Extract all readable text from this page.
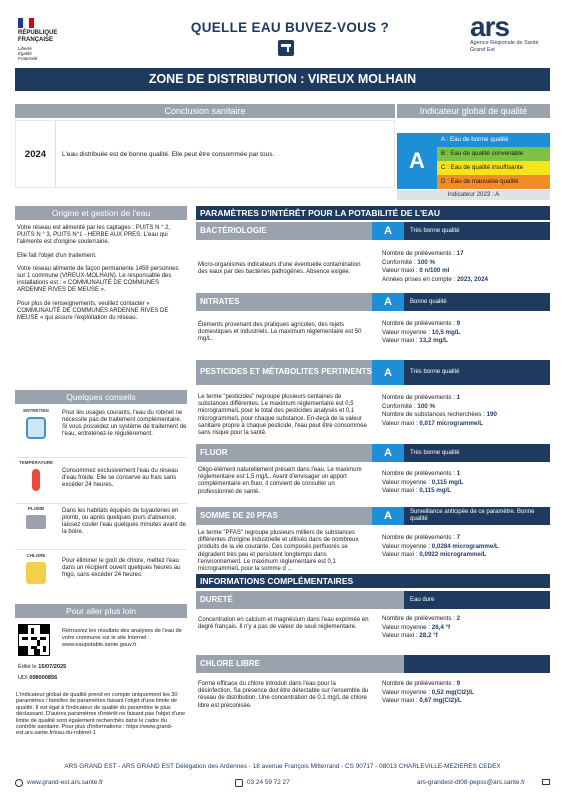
RÉPUBLIQUE
FRANÇAISE
Liberté
Égalité
Fraternité
QUELLE EAU BUVEZ-VOUS ?	ars
Agence Régionale de Santé
Grand Est
ZONE DE DISTRIBUTION : VIREUX MOLHAIN
Conclusion sanitaire	Indicateur global de qualité
2024	L'eau distribuée est de bonne qualité. Elle peut être consommée par tous.	A
A : Eau de bonne qualité
B : Eau de qualité convenable
C : Eau de qualité insuffisante
Indicateur 2023 : A
Origine et gestion de l'eau

Votre réseau est alimenté par les captages : PUITS N ° 2, PUITS N ° 3, PUITS N°1 - HERBE AUX PRES. L'eau qui l'alimente est d'origine souterraine.

Elle fait l'objet d'un traitement.

Votre réseau alimente de façon permanente 1459 personnes sur 1 commune (VIREUX-MOLHAIN). Le responsable des installations est : « COMMUNAUTÉ DE COMMUNES ARDENNE RIVES DE MEUSE ».

Pour plus de renseignements, veuillez contacter « COMMUNAUTÉ DE COMMUNES ARDENNE RIVES DE MEUSE » qui assure l'exploitation du réseau.

Quelques conseils
ENTRETIEN	Pour les usages courants, l'eau du robinet ne nécessite pas de traitement complémentaire. Si vous possédez un système de traitement de l'eau, entretenez-le régulièrement.
TEMPÉRATURE
Consommez exclusivement l'eau du réseau d'eau froide. Elle se conserve au frais sans excéder 24 heures.
PLOMB	Dans les habitats équipés de tuyauteries en plomb, ou après quelques jours d'absence, laissez couler l'eau quelques minutes avant de la boire.
CHLORE
Pour éliminer le goût de chlore, mettez l'eau dans un récipient ouvert quelques heures au frigo, sans excéder 24 heures.
Pour aller plus loin
Retrouvez les résultats des analyses de l'eau de votre commune sur le site Internet : www.eaupotable.sante.gouv.fr
Édité le 15/07/2025
UDI 008000856
L'indicateur global de qualité prend en compte uniquement les 30 paramètres / familles de paramètres faisant l'objet d'une limite de qualité. Il est égal à l'indicateur de qualité du paramètre le plus déclassant. D'autres paramètres d'intérêt ne faisant pas l'objet d'une limite de qualité sont également recherchés dans le cadre du contrôle sanitaire. Pour plus d'informations : https://www.grand-est.ars.sante.fr/eau-du-robinet-1
PARAMÈTRES D'INTÉRÊT POUR LA POTABILITÉ DE L'EAU
BACTÉRIOLOGIE	A	Très bonne qualité
Micro-organismes indicateurs d'une éventuelle contamination des eaux par des bactéries pathogènes. Absence exigée.
Nombre de prélèvements : 17
Conformité : 100 %
Valeur maxi : 0 n/100 ml
Années prises en compte : 2023, 2024
NITRATES	A	Bonne qualité
Éléments provenant des pratiques agricoles, des rejets domestiques et industriels. Le maximum réglementaire est 50 mg/L.
Nombre de prélèvements : 9
Valeur moyenne : 10,5 mg/L
Valeur maxi : 13,2 mg/L
PESTICIDES ET MÉTABOLITES PERTINENTS	A	Très bonne qualité
Le terme "pesticides" regroupe plusieurs centaines de substances différentes. Le maximum réglementaire est 0,5 microgramme/L pour le total des pesticides analysés et 0,1 microgramme/L pour chaque substance. En-deçà de la valeur sanitaire propre à chaque pesticide, l'eau peut être consommée sans risque pour la santé.
Nombre de prélèvements : 1
Conformité : 100 %
Nombre de substances recherchées : 190
Valeur maxi : 0,017 microgramme/L
FLUOR	A	Très bonne qualité
Oligo-élément naturellement présent dans l'eau. Le maximum réglementaire est 1,5 mg/L. Avant d'envisager un apport complémentaire en fluor, il convient de consulter un professionnel de santé.
Nombre de prélèvements : 1
Valeur moyenne : 0,115 mg/L
Valeur maxi : 0,115 mg/L
SOMME DE 20 PFAS	A	Surveillance anticipée de ce paramètre. Bonne qualité
Le terme "PFAS" regroupe plusieurs milliers de substances différentes d'origine industrielle et utilisés dans de nombreux produits de la vie courante. Ces composés perfluorés se dégradent très peu et persistent longtemps dans l'environnement. Le maximum réglementaire est 0,1 microgramme/L pour la somme d ...
Nombre de prélèvements : 7
Valeur moyenne : 0,0284 microgramme/L
Valeur maxi : 0,0922 microgramme/L
INFORMATIONS COMPLÉMENTAIRES
DURETÉ	Eau dure
Concentration en calcium et magnésium dans l'eau exprimée en degré français. Il n'y a pas de valeur de seuil réglementaire.
Nombre de prélèvements : 2
Valeur moyenne : 26,4 °f
Valeur maxi : 28,2 °f
CHLORE LIBRE
Forme efficace du chlore introduit dans l'eau pour la désinfection. Sa présence doit être détectable sur l'ensemble du réseau de distribution. Une concentration de 0,1 mg/L de chlore libre est préconisée.
Nombre de prélèvements : 9
Valeur moyenne : 0,52 mg(Cl2)/L
Valeur maxi : 0,67 mg(Cl2)/L
ARS GRAND EST - ARS GRAND EST Délégation des Ardennes - 18 avenue François Mitterrand - CS 90717 - 08013 CHARLEVILLE-MEZIERES CEDEX
www.grand-est.ars.sante.fr	03 24 59 72 27	ars-grandest-dt08-pepss@ars.sante.fr
D : Eau de mauvaise qualité
